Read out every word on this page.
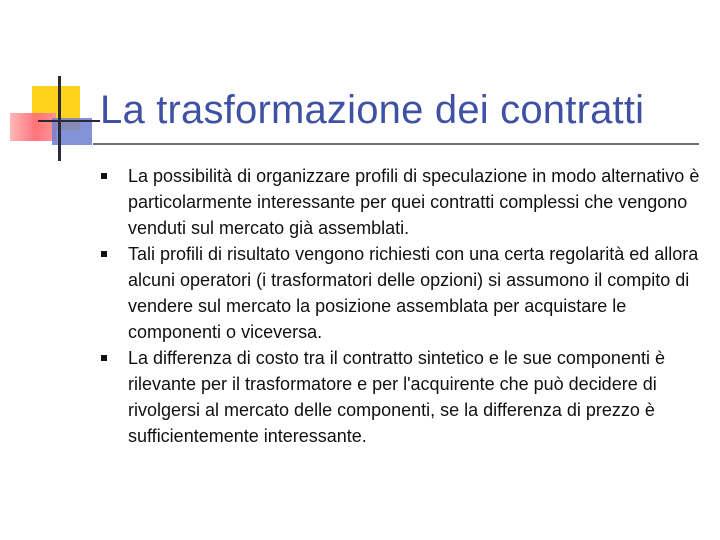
La trasformazione dei contratti
La possibilità di organizzare profili di speculazione in modo alternativo è particolarmente interessante per quei contratti complessi che vengono venduti sul mercato già assemblati.
Tali profili di risultato vengono richiesti con una certa regolarità ed allora alcuni operatori (i trasformatori delle opzioni) si assumono il compito di vendere sul mercato la posizione assemblata per acquistare le componenti o viceversa.
La differenza di costo tra il contratto sintetico e le sue componenti è rilevante per il trasformatore e per l'acquirente che può decidere di rivolgersi al mercato delle componenti, se la differenza di prezzo è sufficientemente interessante.
